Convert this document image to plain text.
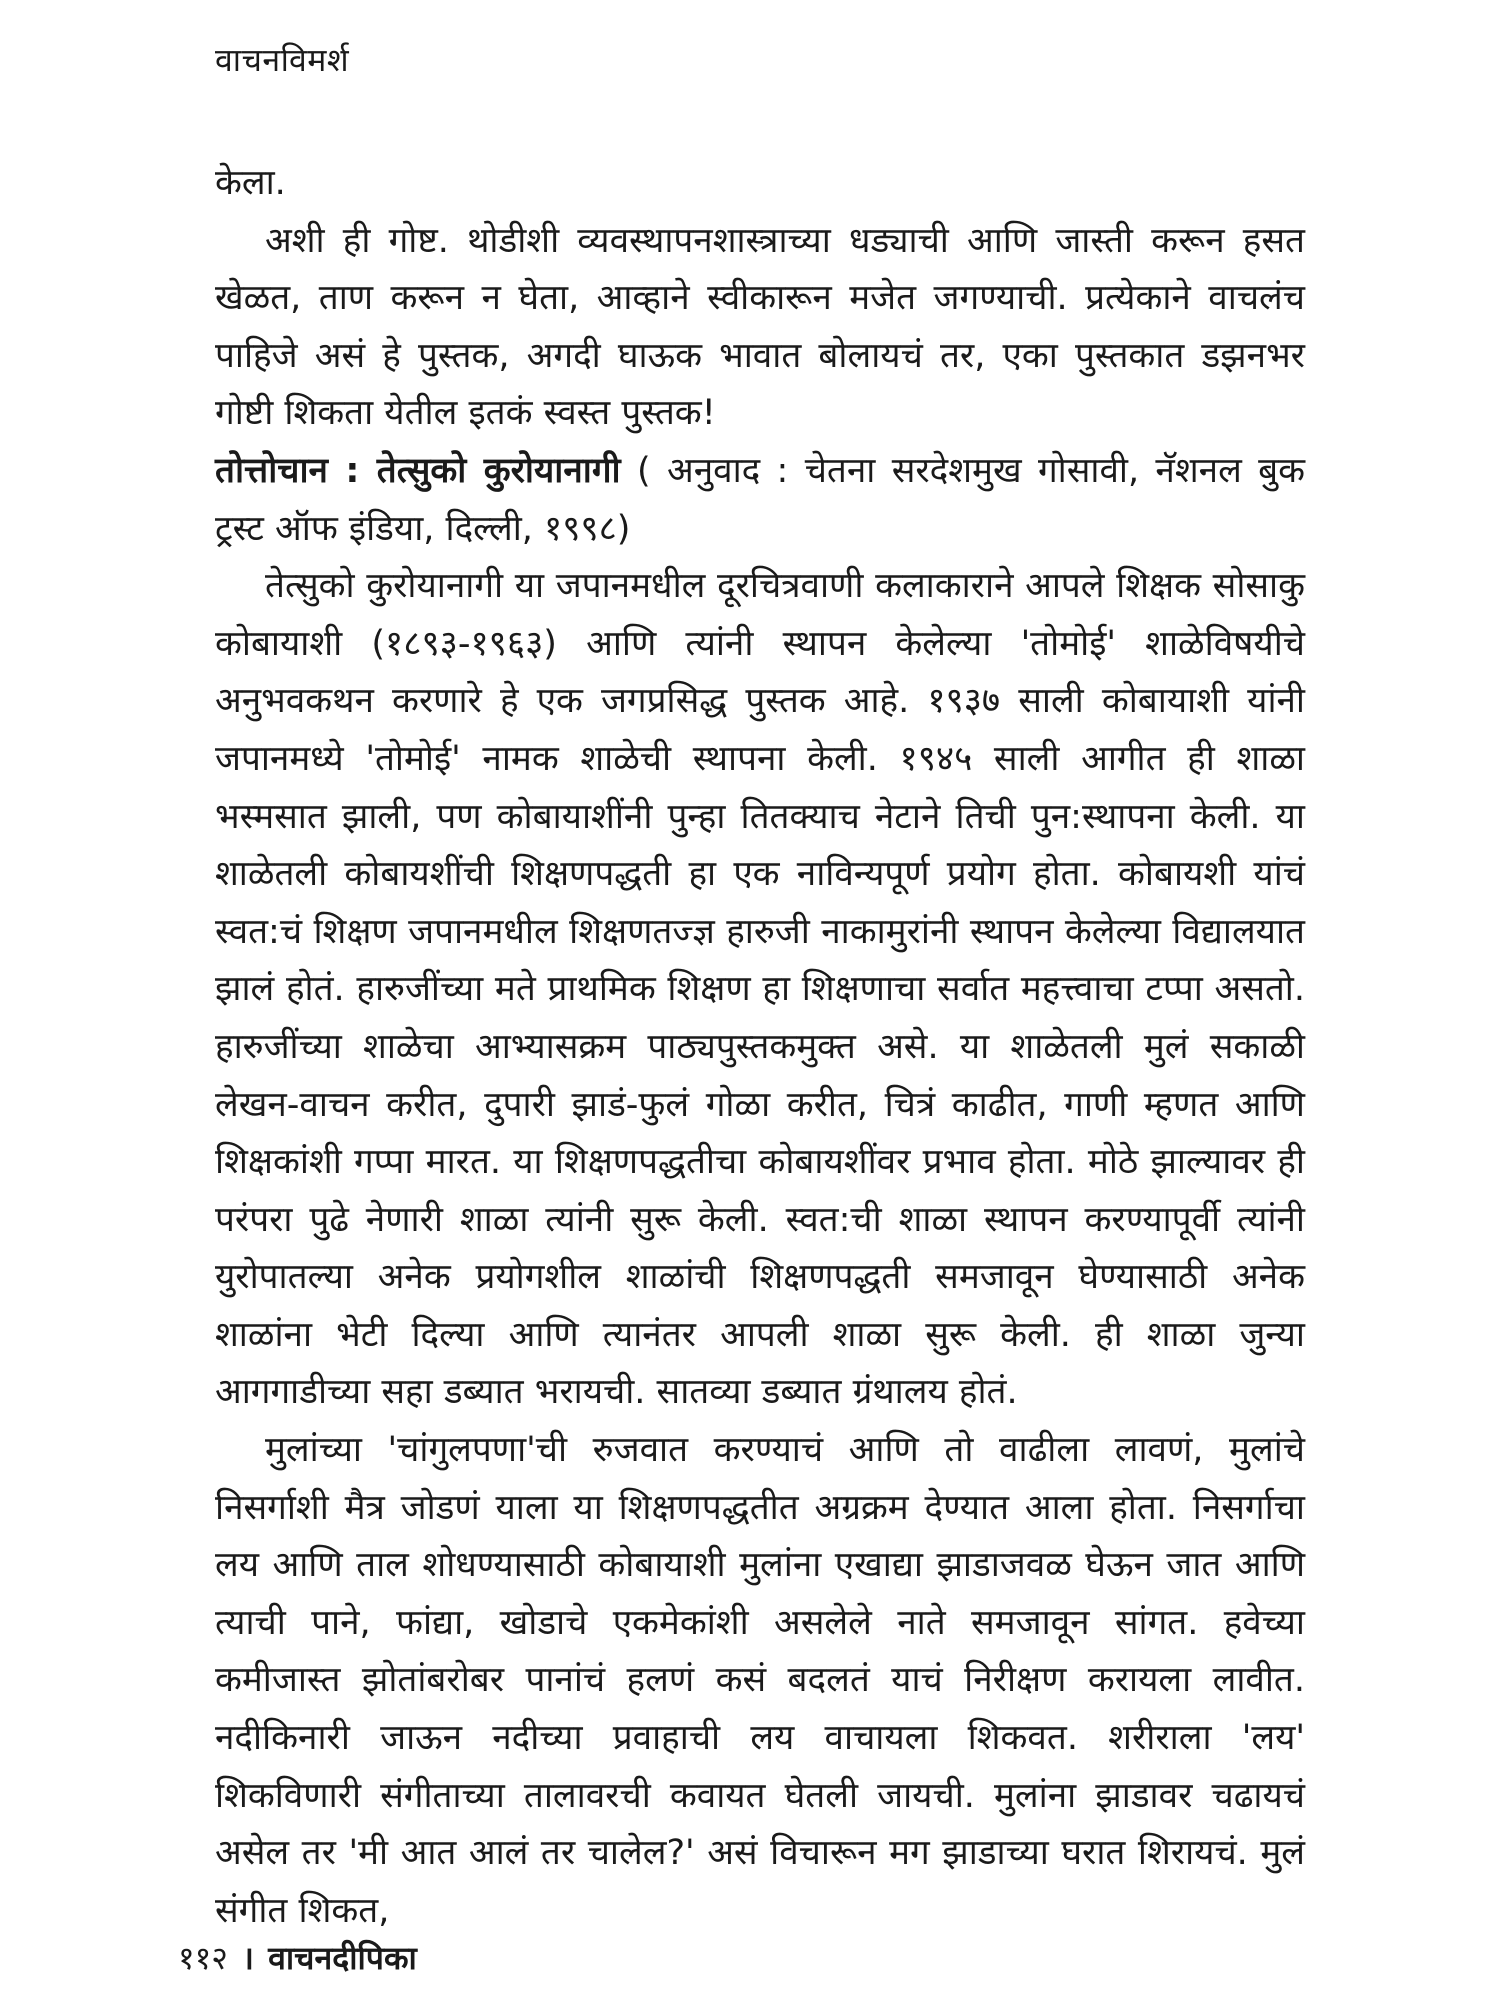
वाचनविमर्श

केला.

अशी ही गोष्ट. थोडीशी व्यवस्थापनशास्त्राच्या धड्याची आणि जास्ती करून हसत खेळत, ताण करून न घेता, आव्हाने स्वीकारून मजेत जगण्याची. प्रत्येकाने वाचलंच पाहिजे असं हे पुस्तक, अगदी घाऊक भावात बोलायचं तर, एका पुस्तकात डझनभर गोष्टी शिकता येतील इतकं स्वस्त पुस्तक!

तोत्तोचान : तेत्सुको कुरोयानागी ( अनुवाद : चेतना सरदेशमुख गोसावी, नॅशनल बुक ट्रस्ट ऑफ इंडिया, दिल्ली, १९९८)

तेत्सुको कुरोयानागी या जपानमधील दूरचित्रवाणी कलाकाराने आपले शिक्षक सोसाकु कोबायाशी (१८९३-१९६३) आणि त्यांनी स्थापन केलेल्या 'तोमोई' शाळेविषयीचे अनुभवकथन करणारे हे एक जगप्रसिद्ध पुस्तक आहे. १९३७ साली कोबायाशी यांनी जपानमध्ये 'तोमोई' नामक शाळेची स्थापना केली. १९४५ साली आगीत ही शाळा भस्मसात झाली, पण कोबायाशींनी पुन्हा तितक्याच नेटाने तिची पुन:स्थापना केली. या शाळेतली कोबायशींची शिक्षणपद्धती हा एक नाविन्यपूर्ण प्रयोग होता. कोबायशी यांचं स्वत:चं शिक्षण जपानमधील शिक्षणतज्ज्ञ हारुजी नाकामुरांनी स्थापन केलेल्या विद्यालयात झालं होतं. हारुजींच्या मते प्राथमिक शिक्षण हा शिक्षणाचा सर्वात महत्त्वाचा टप्पा असतो. हारुजींच्या शाळेचा आभ्यासक्रम पाठ्यपुस्तकमुक्त असे. या शाळेतली मुलं सकाळी लेखन-वाचन करीत, दुपारी झाडं-फुलं गोळा करीत, चित्रं काढीत, गाणी म्हणत आणि शिक्षकांशी गप्पा मारत. या शिक्षणपद्धतीचा कोबायशींवर प्रभाव होता. मोठे झाल्यावर ही परंपरा पुढे नेणारी शाळा त्यांनी सुरू केली. स्वत:ची शाळा स्थापन करण्यापूर्वी त्यांनी युरोपातल्या अनेक प्रयोगशील शाळांची शिक्षणपद्धती समजावून घेण्यासाठी अनेक शाळांना भेटी दिल्या आणि त्यानंतर आपली शाळा सुरू केली. ही शाळा जुन्या आगगाडीच्या सहा डब्यात भरायची. सातव्या डब्यात ग्रंथालय होतं.

मुलांच्या 'चांगुलपणा'ची रुजवात करण्याचं आणि तो वाढीला लावणं, मुलांचे निसर्गाशी मैत्र जोडणं याला या शिक्षणपद्धतीत अग्रक्रम देण्यात आला होता. निसर्गाचा लय आणि ताल शोधण्यासाठी कोबायाशी मुलांना एखाद्या झाडाजवळ घेऊन जात आणि त्याची पाने, फांद्या, खोडाचे एकमेकांशी असलेले नाते समजावून सांगत. हवेच्या कमीजास्त झोतांबरोबर पानांचं हलणं कसं बदलतं याचं निरीक्षण करायला लावीत. नदीकिनारी जाऊन नदीच्या प्रवाहाची लय वाचायला शिकवत. शरीराला 'लय' शिकविणारी संगीताच्या तालावरची कवायत घेतली जायची. मुलांना झाडावर चढायचं असेल तर 'मी आत आलं तर चालेल?' असं विचारून मग झाडाच्या घरात शिरायचं. मुलं संगीत शिकत,

११२ । वाचनदीपिका
